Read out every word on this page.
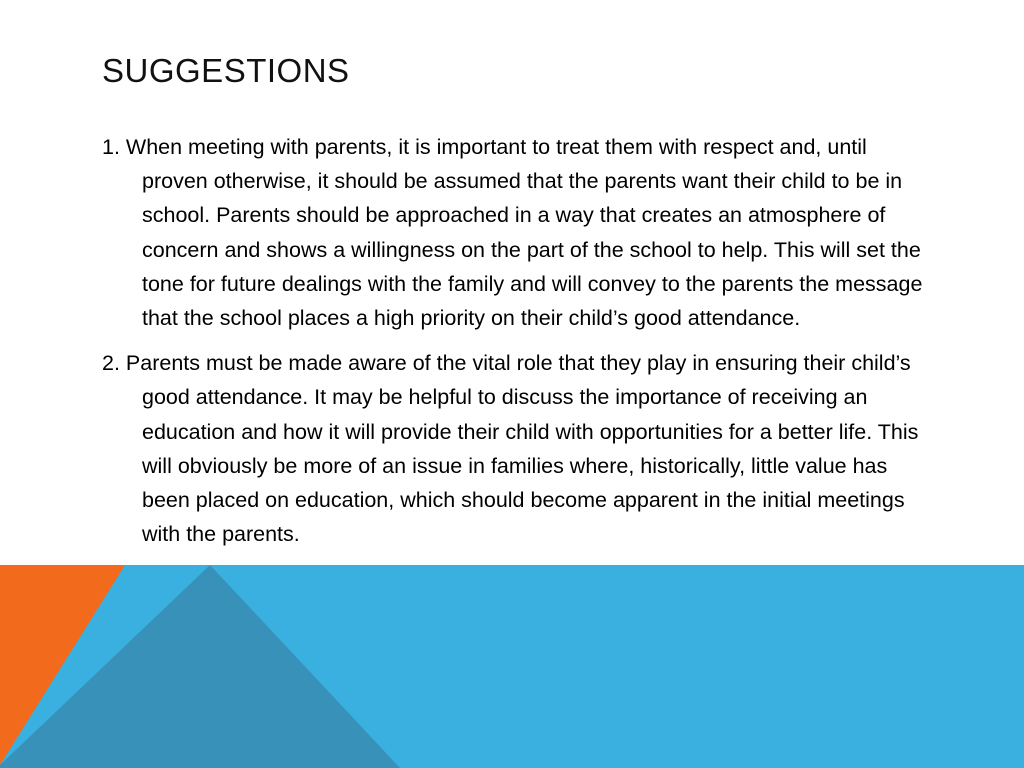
SUGGESTIONS

1. When meeting with parents, it is important to treat them with respect and, until proven otherwise, it should be assumed that the parents want their child to be in school. Parents should be approached in a way that creates an atmosphere of concern and shows a willingness on the part of the school to help. This will set the tone for future dealings with the family and will convey to the parents the message that the school places a high priority on their child’s good attendance.

2. Parents must be made aware of the vital role that they play in ensuring their child’s good attendance. It may be helpful to discuss the importance of receiving an education and how it will provide their child with opportunities for a better life. This will obviously be more of an issue in families where, historically, little value has been placed on education, which should become apparent in the initial meetings with the parents.
